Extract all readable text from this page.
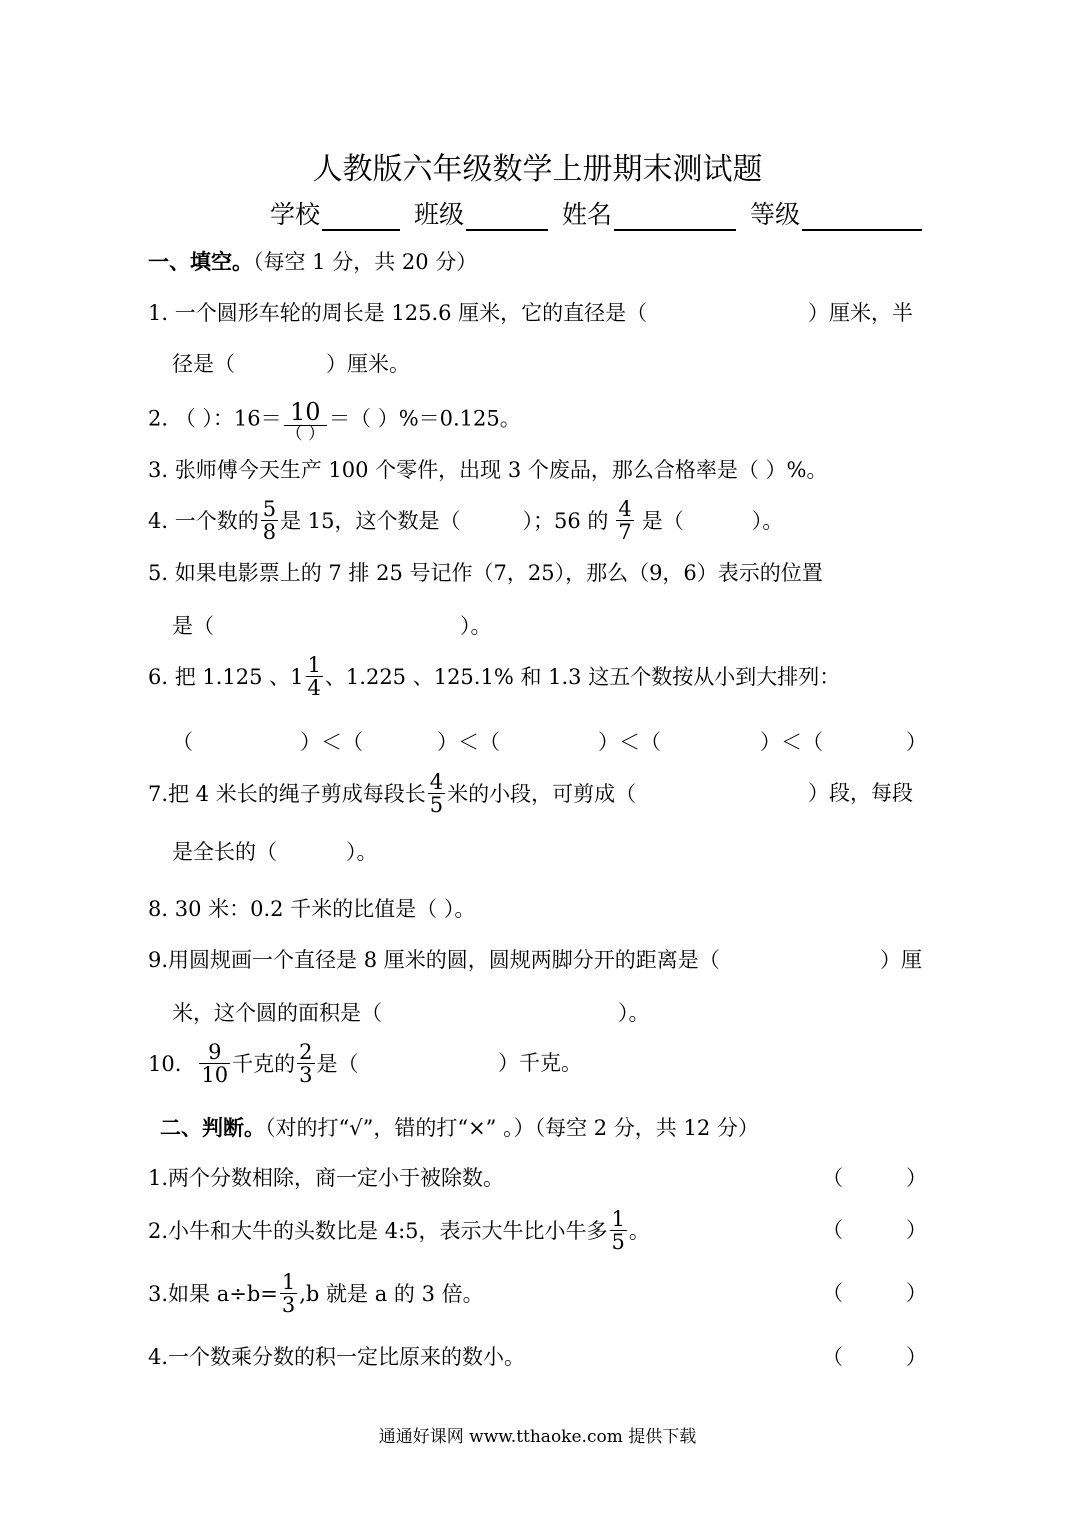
人教版六年级数学上册期末测试题
学校	班级	姓名	等级
一、填空。（每空 1 分，共 20 分）
1. 一个圆形车轮的周长是 125.6 厘米，它的直径是（	）厘米，半
径是（	）厘米。
2. （ ）：$16= \frac{10}{( )}$ ＝（ ）%＝0.125。
3. 张师傅今天生产 100 个零件，出现 3 个废品，那么合格率是（ ）%。
4. 一个数的 $\frac{5}{8}$ 是 15，这个数是（	）；56 的 $\frac{4}{7}$ 是（	）。
5. 如果电影票上的 7 排 25 号记作（7，25），那么（9，6）表示的位置
是（	）。
6. 把 1.125 、$1 \frac{1}{4}$ 、1.225 、125.1% 和 1.3 这五个数按从小到大排列：
（	）＜（	）＜（	）＜（	）＜（	）
7.把 4 米长的绳子剪成每段长 $\frac{4}{5}$ 米的小段，可剪成（	）段，每段
是全长的（	）。
8. 30 米：0.2 千米的比值是（ ）。
9.用圆规画一个直径是 8 厘米的圆，圆规两脚分开的距离是（	）厘
米，这个圆的面积是（	）。
10. $\frac{9}{10}$ 千克的 $\frac{2}{3}$ 是（	）千克。
二、判断。（对的打“√”，错的打“×” 。）（每空 2 分，共 12 分）
1.两个分数相除，商一定小于被除数。	（	）
2.小牛和大牛的头数比是 4:5，表示大牛比小牛多 $\frac{1}{5}$ 。	（	）
3.如果 $a\div b= \frac{1}{3} ,b$ 就是 a 的 3 倍。	（	）
4.一个数乘分数的积一定比原来的数小。	（	）
通通好课网 www.tthaoke.com 提供下载
